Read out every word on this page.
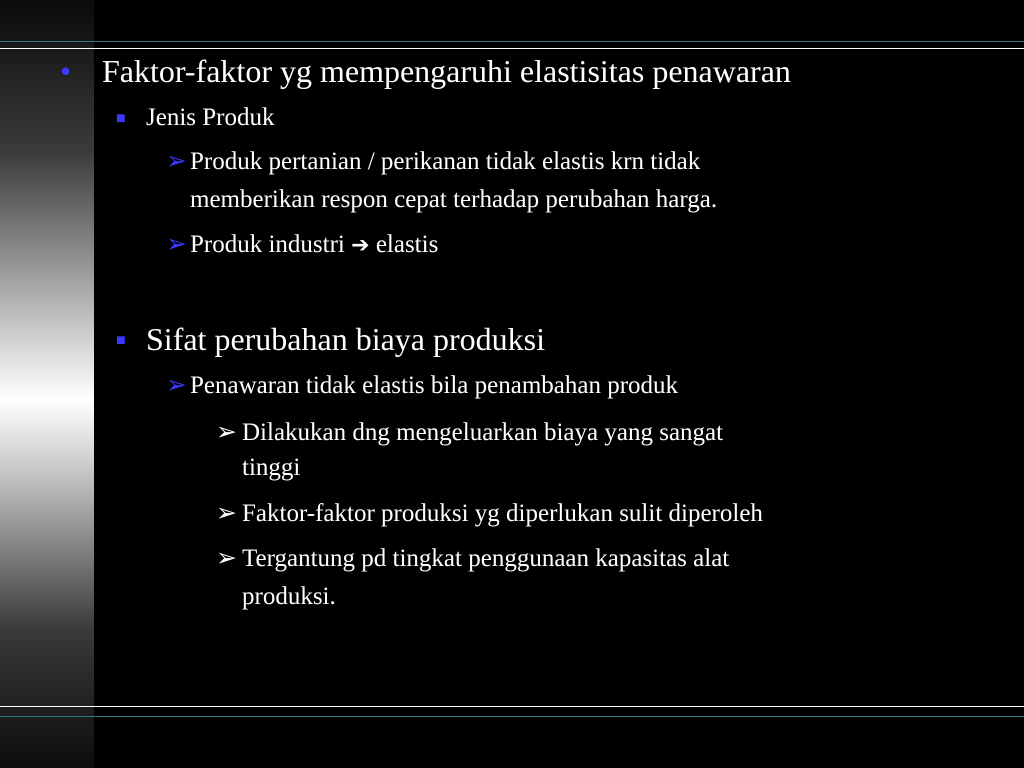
• Faktor-faktor yg mempengaruhi elastisitas penawaran
■ Jenis Produk
➢ Produk pertanian / perikanan tidak elastis krn tidak
memberikan respon cepat terhadap perubahan harga.
➢ Produk industri ➔ elastis
■ Sifat perubahan biaya produksi
➢ Penawaran tidak elastis bila penambahan produk
➢ Dilakukan dng mengeluarkan biaya yang sangat
tinggi
➢ Faktor-faktor produksi yg diperlukan sulit diperoleh
➢ Tergantung pd tingkat penggunaan kapasitas alat
produksi.
